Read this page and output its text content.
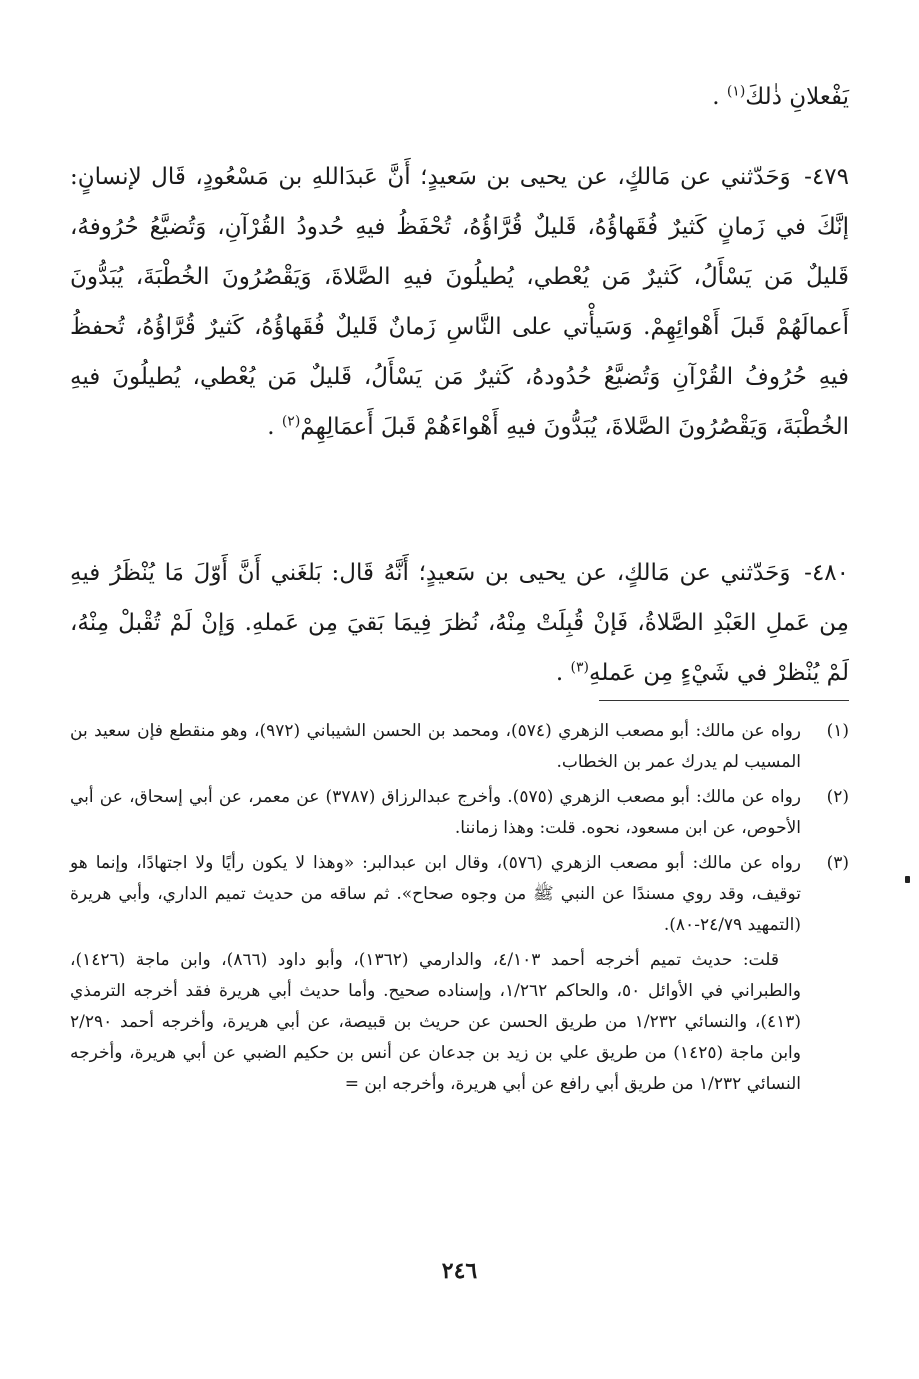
يَفْعلانِ ذٰلكَ$^{(١)}$ .

٤٧٩- وَحَدّثني عن مَالكٍ، عن يحيى بن سَعيدٍ؛ أَنَّ عَبدَاللهِ بن مَسْعُودٍ، قَال لإنسانٍ: إنَّكَ في زَمانٍ كَثيرٌ فُقَهاؤُهُ، قَليلٌ قُرَّاؤُهُ، تُحْفَظُ فيهِ حُدودُ القُرْآنِ، وَتُضيَّعُ حُرُوفهُ، قَليلٌ مَن يَسْأَلُ، كَثيرٌ مَن يُعْطي، يُطيلُونَ فيهِ الصَّلاةَ، وَيَقْصُرُونَ الخُطْبَةَ، يُبَدُّونَ أَعمالَهُمْ قَبلَ أَهْوائِهِمْ. وَسَيأْتي على النَّاسِ زَمانٌ قَليلٌ فُقَهاؤُهُ، كَثيرٌ قُرَّاؤُهُ، تُحفظُ فيهِ حُرُوفُ القُرْآنِ وَتُضيَّعُ حُدُودهُ، كَثيرٌ مَن يَسْأَلُ، قَليلٌ مَن يُعْطي، يُطيلُونَ فيهِ الخُطْبَةَ، وَيَقْصُرُونَ الصَّلاةَ، يُبَدُّونَ فيهِ أَهْواءَهُمْ قَبلَ أَعمَالِهِمْ$^{(٢)}$ .

٤٨٠- وَحَدّثني عن مَالكٍ، عن يحيى بن سَعيدٍ؛ أَنَّهُ قَال: بَلغَني أَنَّ أَوّلَ مَا يُنْظَرُ فيهِ مِن عَملِ العَبْدِ الصَّلاةُ، فَإنْ قُبِلَتْ مِنْهُ، نُظرَ فِيمَا بَقيَ مِن عَملهِ. وَإنْ لَمْ تُقْبلْ مِنْهُ، لَمْ يُنْظرْ في شَيْءٍ مِن عَملهِ$^{(٣)}$ .

(١)
رواه عن مالك: أبو مصعب الزهري (٥٧٤)، ومحمد بن الحسن الشيباني (٩٧٢)، وهو منقطع فإن سعيد بن المسيب لم يدرك عمر بن الخطاب.
(٢)
رواه عن مالك: أبو مصعب الزهري (٥٧٥). وأخرج عبدالرزاق (٣٧٨٧) عن معمر، عن أبي إسحاق، عن أبي الأحوص، عن ابن مسعود، نحوه. قلت: وهذا زماننا.
(٣)
رواه عن مالك: أبو مصعب الزهري (٥٧٦)، وقال ابن عبدالبر: «وهذا لا يكون رأيًا ولا اجتهادًا، وإنما هو توقيف، وقد روي مسندًا عن النبي ﷺ من وجوه صحاح». ثم ساقه من حديث تميم الداري، وأبي هريرة (التمهيد ٢٤/٧٩-٨٠).
قلت: حديث تميم أخرجه أحمد ٤/١٠٣، والدارمي (١٣٦٢)، وأبو داود (٨٦٦)، وابن ماجة (١٤٢٦)، والطبراني في الأوائل ٥٠، والحاكم ١/٢٦٢، وإسناده صحيح. وأما حديث أبي هريرة فقد أخرجه الترمذي (٤١٣)، والنسائي ١/٢٣٢ من طريق الحسن عن حريث بن قبيصة، عن أبي هريرة، وأخرجه أحمد ٢/٢٩٠ وابن ماجة (١٤٢٥) من طريق علي بن زيد بن جدعان عن أنس بن حكيم الضبي عن أبي هريرة، وأخرجه النسائي ١/٢٣٢ من طريق أبي رافع عن أبي هريرة، وأخرجه ابن =
٢٤٦
